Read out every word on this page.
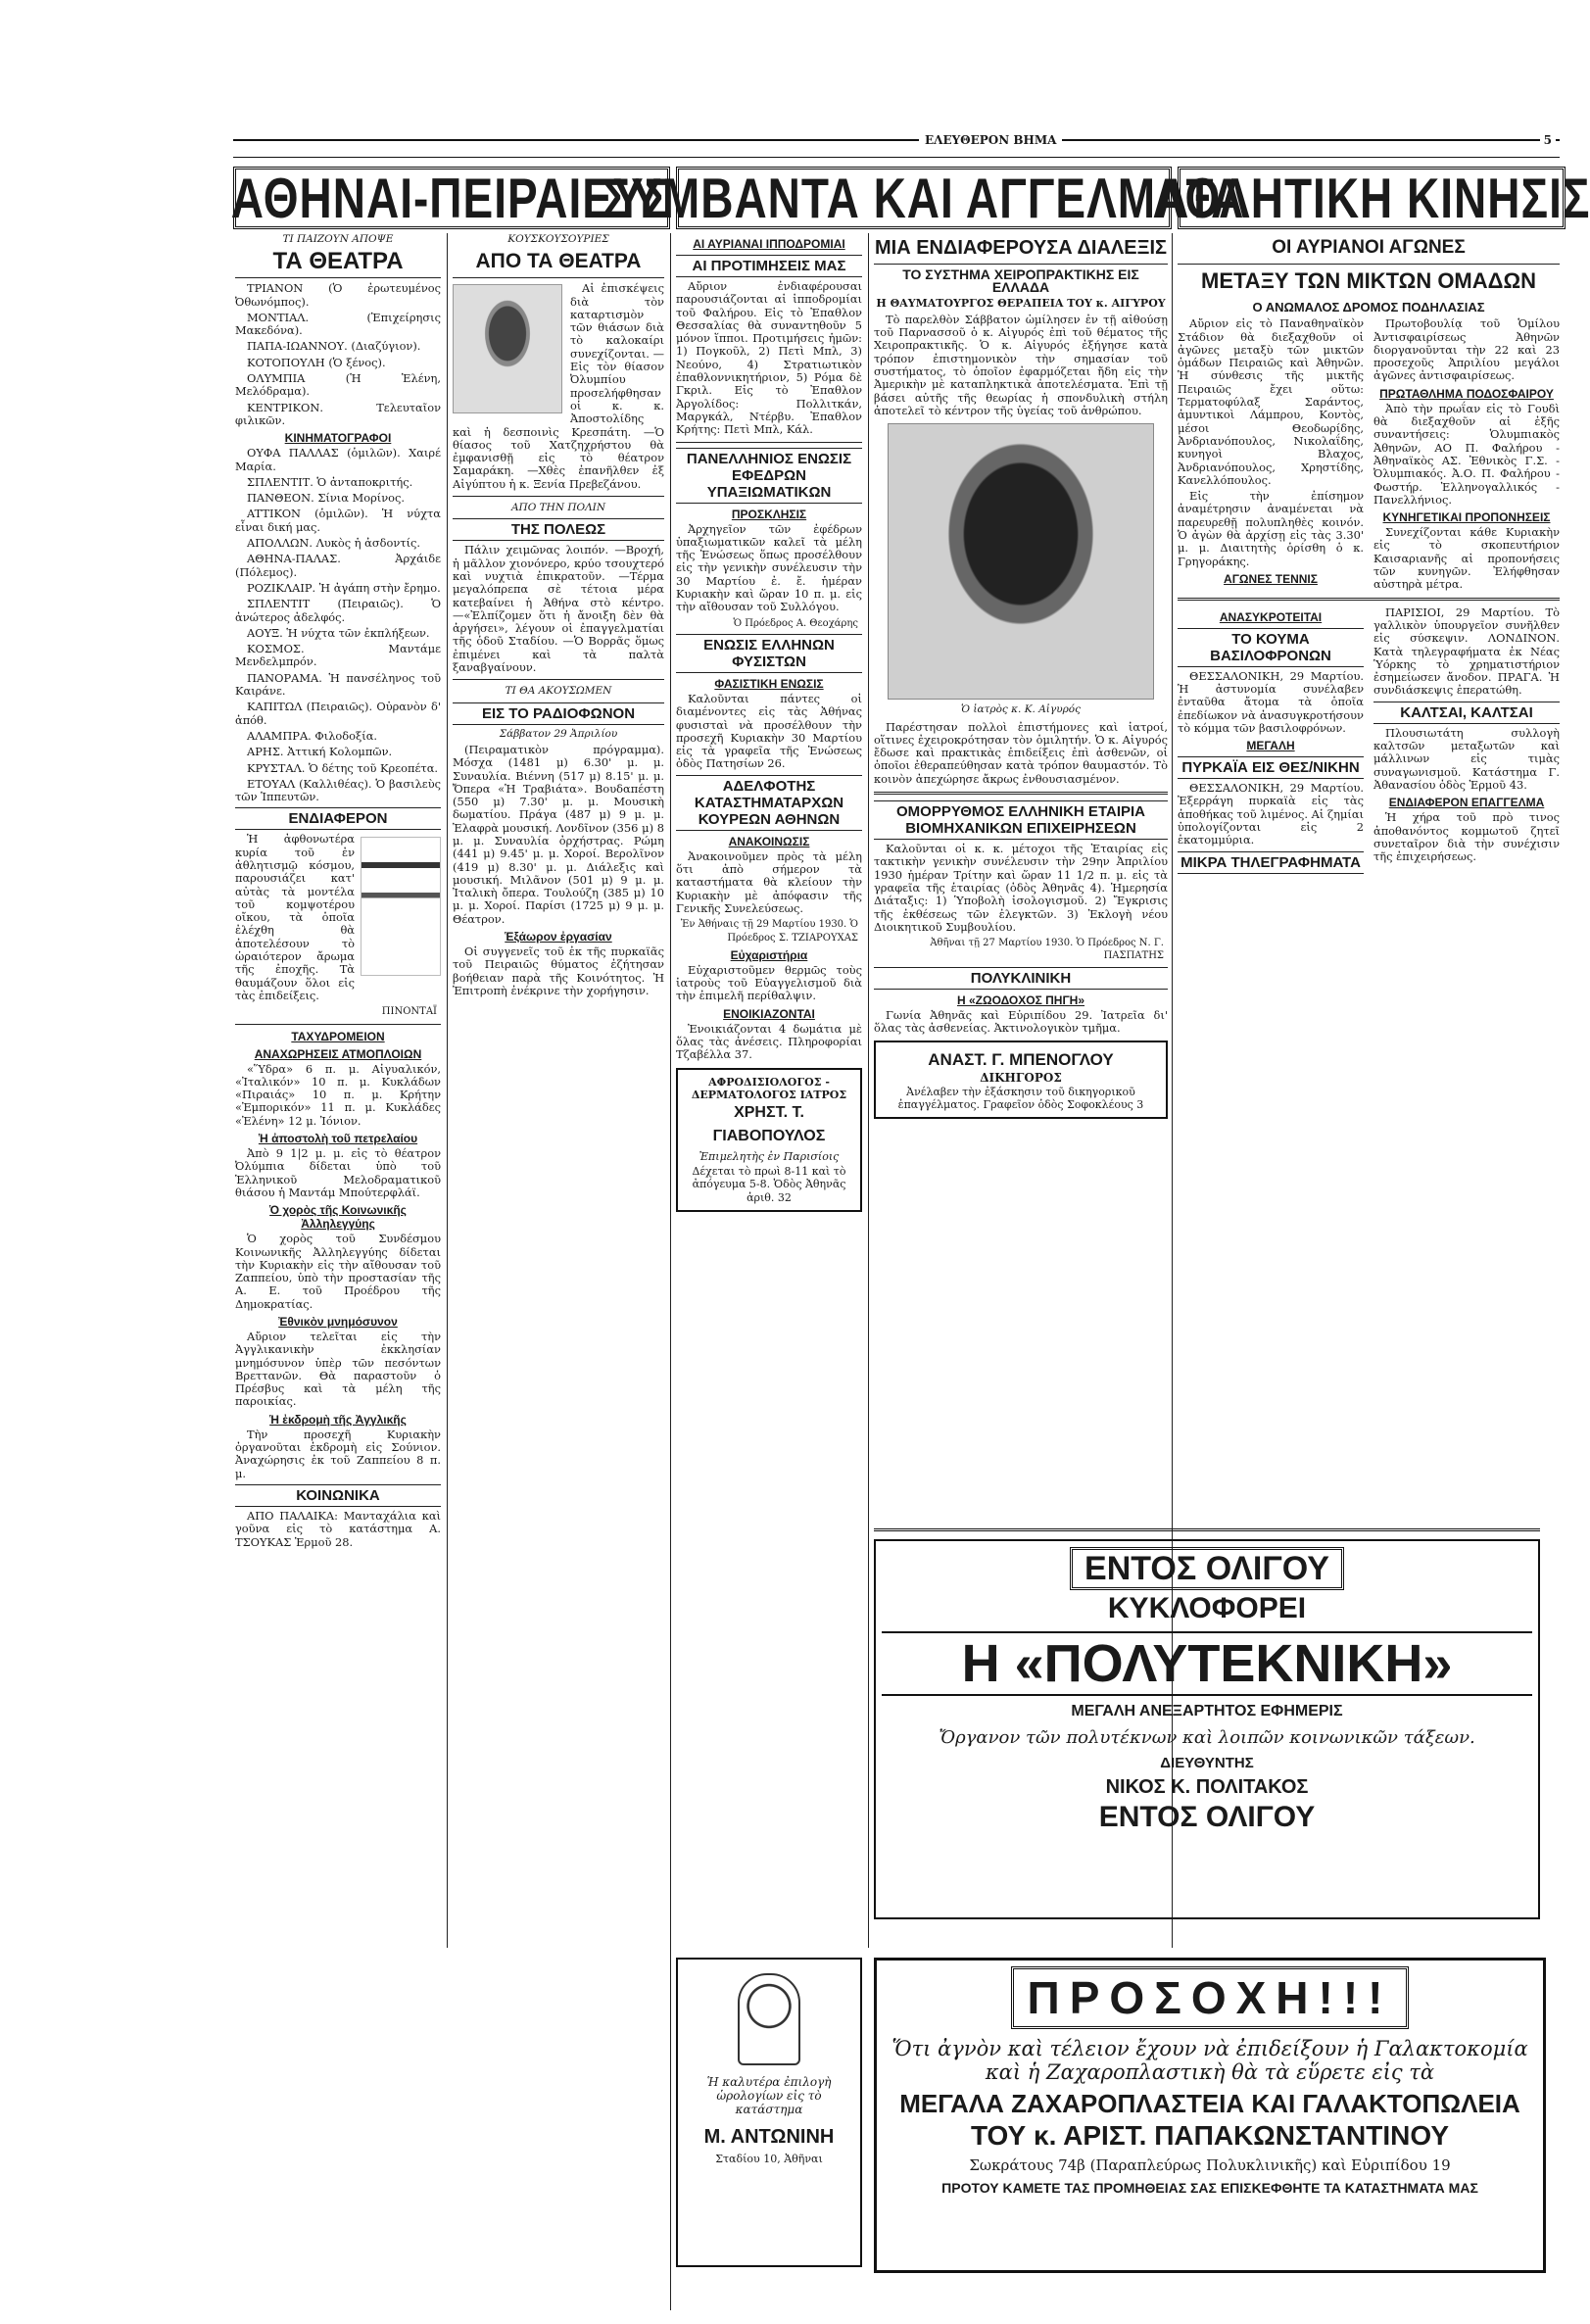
ΕΛΕΥΘΕΡΟΝ ΒΗΜΑ	5
ΑΘΗΝΑΙ-ΠΕΙΡΑΙΕΥΣ
ΣΥΜΒΑΝΤΑ ΚΑΙ ΑΓΓΕΛΜΑΤΑ
ΑΘΛΗΤΙΚΗ ΚΙΝΗΣΙΣ
ΤΙ ΠΑΙΖΟΥΝ ΑΠΟΨΕ
ΤΑ ΘΕΑΤΡΑ

ΤΡΙΑΝΟΝ (Ὁ ἐρωτευμένος Ὀθωνόμπος).

ΜΟΝΤΙΑΛ. (Ἐπιχείρησις Μακεδόνα).

ΠΑΠΑ-ΙΩΑΝΝΟΥ. (Διαζύγιον).

ΚΟΤΟΠΟΥΛΗ (Ὁ ξένος).

ΟΛΥΜΠΙΑ (Ἡ Ἑλένη, Μελόδραμα).

ΚΕΝΤΡΙΚΟΝ. Τελευταῖον φιλικῶν.

ΚΙΝΗΜΑΤΟΓΡΑΦΟΙ

ΟΥΦΑ ΠΑΛΛΑΣ (ὁμιλῶν). Χαιρέ Μαρία.

ΣΠΛΕΝΤΙΤ. Ὁ ἀνταποκριτής.

ΠΑΝΘΕΟΝ. Σίνια Μορίνος.

ATTIKON (ὁμιλῶν). Ἡ νύχτα εἶναι δική μας.

ΑΠΟΛΛΩΝ. Λυκὸς ἡ ἀσδοντίς.

ΑΘΗΝΑ-ΠΑΛΑΣ. Ἀρχάιδε (Πόλεμος).

ΡΟΖΙΚΛΑΙΡ. Ἡ ἀγάπη στὴν ἔρημο.

ΣΠΛΕΝΤΙΤ (Πειραιῶς). Ὁ ἀνώτερος ἀδελφός.

ΑΟΥΞ. Ἡ νύχτα τῶν ἐκπλήξεων.

ΚΟΣΜΟΣ. Μαντάμε Μενδελμπρόν.

ΠΑΝΟΡΑΜΑ. Ἡ πανσέληνος τοῦ Καιράνε.

ΚΑΠΙΤΩΛ (Πειραιῶς). Οὐρανὸν δ' ἀπόθ.

ΑΛΑΜΠΡΑ. Φιλοδοξία.

ΑΡΗΣ. Ἀττική Κολομπῶν.

ΚΡΥΣΤΑΛ. Ὁ δέτης τοῦ Κρεοπέτα.

ΕΤΟΥΑΛ (Καλλιθέας). Ὁ βασιλεὺς τῶν Ἱππευτῶν.

ΕΝΔΙΑΦΕΡΟΝ

Ἡ ἀφθονωτέρα κυρία τοῦ ἐν ἀθλητισμῷ κόσμου, παρουσιάζει κατ' αὐτὰς τὰ μοντέλα τοῦ κομψοτέρου οἴκου, τὰ ὁποῖα ἐλέχθη θὰ ἀποτελέσουν τὸ ὡραιότερον ἄρωμα τῆς ἐποχῆς. Τὰ θαυμάζουν ὅλοι εἰς τὰς ἐπιδείξεις.

ΠΙΝΟΝΤΑΪ
ΤΑΧΥΔΡΟΜΕΙΟΝ
ΑΝΑΧΩΡΗΣΕΙΣ ΑΤΜΟΠΛΟΙΩΝ

«Ὕδρα» 6 π. μ. Αἰγυαλικόν, «Ἰταλικόν» 10 π. μ. Κυκλάδων «Πιραιάς» 10 π. μ. Κρήτην «Ἐμπορικόν» 11 π. μ. Κυκλάδες «Ἐλένη» 12 μ. Ἰόνιον.

Ἡ ἀποστολὴ τοῦ πετρελαίου

Ἀπὸ 9 1|2 μ. μ. εἰς τὸ θέατρον Ὀλύμπια δίδεται ὑπὸ τοῦ Ἑλληνικοῦ Μελοδραματικοῦ θιάσου ἡ Μαντάμ Μπούτερφλάϊ.

Ὁ χορὸς τῆς Κοινωνικῆς Ἀλληλεγγύης

Ὁ χορὸς τοῦ Συνδέσμου Κοινωνικῆς Ἀλληλεγγύης δίδεται τὴν Κυριακὴν εἰς τὴν αἴθουσαν τοῦ Ζαππείου, ὑπὸ τὴν προστασίαν τῆς Α. Ε. τοῦ Προέδρου τῆς Δημοκρατίας.

Ἐθνικὸν μνημόσυνον

Αὔριον τελεῖται εἰς τὴν Ἀγγλικανικὴν ἐκκλησίαν μνημόσυνον ὑπὲρ τῶν πεσόντων Βρεττανῶν. Θὰ παραστοῦν ὁ Πρέσβυς καὶ τὰ μέλη τῆς παροικίας.

Ἡ ἐκδρομὴ τῆς Ἀγγλικῆς

Τὴν προσεχῆ Κυριακὴν ὀργανοῦται ἐκδρομὴ εἰς Σούνιον. Ἀναχώρησις ἐκ τοῦ Ζαππείου 8 π. μ.

ΚΟΙΝΩΝΙΚΑ

ΑΠΟ ΠΑΛΑΙΚΑ: Μανταχάλια καὶ γοῦνα εἰς τὸ κατάστημα Α. ΤΣΟΥΚΑΣ Ἑρμοῦ 28.

ΚΟΥΣΚΟΥΣΟΥΡΙΕΣ
ΑΠΟ ΤΑ ΘΕΑΤΡΑ

Αἱ ἐπισκέψεις διὰ τὸν καταρτισμὸν τῶν θιάσων διὰ τὸ καλοκαίρι συνεχίζονται. —Εἰς τὸν θίασον Ὀλυμπίου προσελήφθησαν οἱ κ. κ. Ἀποστολίδης καὶ ἡ δεσποινὶς Κρεσπάτη. —Ὁ θίασος τοῦ Χατζηχρήστου θὰ ἐμφανισθῇ εἰς τὸ θέατρον Σαμαράκη. —Χθὲς ἐπανῆλθεν ἐξ Αἰγύπτου ἡ κ. Ξενία Πρεβεζάνου.

ΑΠΟ ΤΗΝ ΠΟΛΙΝ
ΤΗΣ ΠΟΛΕΩΣ

Πάλιν χειμῶνας λοιπόν. —Βροχή, ἡ μᾶλλον χιονόνερο, κρύο τσουχτερό καὶ νυχτιὰ ἐπικρατοῦν. —Τέρμα μεγαλόπρεπα σὲ τέτοια μέρα κατεβαίνει ἡ Ἀθήνα στὸ κέντρο. —«Ἐλπίζομεν ὅτι ἡ ἄνοιξη δὲν θὰ ἀργήσει», λέγουν οἱ ἐπαγγελματίαι τῆς ὁδοῦ Σταδίου. —Ὁ Βορρᾶς ὅμως ἐπιμένει καὶ τὰ παλτὰ ξαναβγαίνουν.

ΤΙ ΘΑ ΑΚΟΥΣΩΜΕΝ
ΕΙΣ ΤΟ ΡΑΔΙΟΦΩΝΟΝ
Σάββατον 29 Ἀπριλίου

(Πειραματικὸν πρόγραμμα). Μόσχα (1481 μ) 6.30' μ. μ. Συναυλία. Βιέννη (517 μ) 8.15' μ. μ. Ὄπερα «Ἡ Τραβιάτα». Βουδαπέστη (550 μ) 7.30' μ. μ. Μουσικὴ δωματίου. Πράγα (487 μ) 9 μ. μ. Ἐλαφρὰ μουσική. Λονδῖνον (356 μ) 8 μ. μ. Συναυλία ὀρχήστρας. Ρώμη (441 μ) 9.45' μ. μ. Χοροί. Βερολῖνον (419 μ) 8.30' μ. μ. Διάλεξις καὶ μουσική. Μιλᾶνον (501 μ) 9 μ. μ. Ἰταλικὴ ὄπερα. Τουλούζη (385 μ) 10 μ. μ. Χοροί. Παρίσι (1725 μ) 9 μ. μ. Θέατρον.

Ἑξάωρον ἐργασίαν

Οἱ συγγενεῖς τοῦ ἐκ τῆς πυρκαϊᾶς τοῦ Πειραιῶς θύματος ἐζήτησαν βοήθειαν παρὰ τῆς Κοινότητος. Ἡ Ἐπιτροπὴ ἐνέκρινε τὴν χορήγησιν.

ΑΙ ΑΥΡΙΑΝΑΙ ΙΠΠΟΔΡΟΜΙΑΙ
ΑΙ ΠΡΟΤΙΜΗΣΕΙΣ ΜΑΣ

Αὔριον ἐνδιαφέρουσαι παρουσιάζονται αἱ ἱπποδρομίαι τοῦ Φαλήρου. Εἰς τὸ Ἐπαθλον Θεσσαλίας θὰ συναντηθοῦν 5 μόνον ἵπποι. Προτιμήσεις ἡμῶν: 1) Πογκοῦλ, 2) Πετὶ Μπλ, 3) Νεούνο, 4) Στρατιωτικὸν ἐπαθλοννικητήριον, 5) Ρόμα δὲ Γκριλ. Εἰς τὸ Ἐπαθλον Ἀργολίδος: Πολλιτκάν, Μαργκάλ, Ντέρβυ. Ἐπαθλον Κρήτης: Πετὶ Μπλ, Κάλ.

ΠΑΝΕΛΛΗΝΙΟΣ ΕΝΩΣΙΣ ΕΦΕΔΡΩΝ ΥΠΑΞΙΩΜΑΤΙΚΩΝ
ΠΡΟΣΚΛΗΣΙΣ

Ἀρχηγεῖον τῶν ἐφέδρων ὑπαξιωματικῶν καλεῖ τὰ μέλη τῆς Ἑνώσεως ὅπως προσέλθουν εἰς τὴν γενικὴν συνέλευσιν τὴν 30 Μαρτίου ἐ. ἔ. ἡμέραν Κυριακὴν καὶ ὥραν 10 π. μ. εἰς τὴν αἴθουσαν τοῦ Συλλόγου.

Ὁ Πρόεδρος Α. Θεοχάρης
ΕΝΩΣΙΣ ΕΛΛΗΝΩΝ ΦΥΣΙΣΤΩΝ
ΦΑΣΙΣΤΙΚΗ ΕΝΩΣΙΣ

Καλοῦνται πάντες οἱ διαμένοντες εἰς τὰς Ἀθήνας φυσισταὶ νὰ προσέλθουν τὴν προσεχῆ Κυριακὴν 30 Μαρτίου εἰς τὰ γραφεῖα τῆς Ἑνώσεως ὁδὸς Πατησίων 26.

ΑΔΕΛΦΟΤΗΣ ΚΑΤΑΣΤΗΜΑΤΑΡΧΩΝ ΚΟΥΡΕΩΝ ΑΘΗΝΩΝ
ΑΝΑΚΟΙΝΩΣΙΣ

Ἀνακοινοῦμεν πρὸς τὰ μέλη ὅτι ἀπὸ σήμερον τὰ καταστήματα θὰ κλείουν τὴν Κυριακὴν μὲ ἀπόφασιν τῆς Γενικῆς Συνελεύσεως.

Ἐν Ἀθήναις τῇ 29 Μαρτίου 1930. Ὁ Πρόεδρος Σ. ΤΖΙΑΡΟΥΧΑΣ
Εὐχαριστήρια

Εὐχαριστοῦμεν θερμῶς τοὺς ἰατροὺς τοῦ Εὐαγγελισμοῦ διὰ τὴν ἐπιμελῆ περίθαλψιν.

ΕΝΟΙΚΙΑΖΟΝΤΑΙ

Ἐνοικιάζονται 4 δωμάτια μὲ ὅλας τὰς ἀνέσεις. Πληροφορίαι Τζαβέλλα 37.

ΑΦΡΟΔΙΣΙΟΛΟΓΟΣ - ΔΕΡΜΑΤΟΛΟΓΟΣ ΙΑΤΡΟΣ
ΧΡΗΣΤ. Τ. ΓΙΑΒΟΠΟΥΛΟΣ
Ἐπιμελητὴς ἐν Παρισίοις
Δέχεται τὸ πρωὶ 8-11 καὶ τὸ ἀπόγευμα 5-8. Ὁδὸς Ἀθηνᾶς ἀριθ. 32
ΜΙΑ ΕΝΔΙΑΦΕΡΟΥΣΑ ΔΙΑΛΕΞΙΣ
ΤΟ ΣΥΣΤΗΜΑ ΧΕΙΡΟΠΡΑΚΤΙΚΗΣ ΕΙΣ ΕΛΛΑΔΑ
Η ΘΑΥΜΑΤΟΥΡΓΟΣ ΘΕΡΑΠΕΙΑ ΤΟΥ κ. ΑΙΓΥΡΟΥ

Τὸ παρελθὸν Σάββατον ὡμίλησεν ἐν τῇ αἰθούσῃ τοῦ Παρνασσοῦ ὁ κ. Αἰγυρός ἐπὶ τοῦ θέματος τῆς Χειροπρακτικῆς. Ὁ κ. Αἰγυρός ἐξήγησε κατὰ τρόπον ἐπιστημονικὸν τὴν σημασίαν τοῦ συστήματος, τὸ ὁποῖον ἐφαρμόζεται ἤδη εἰς τὴν Ἀμερικὴν μὲ καταπληκτικὰ ἀποτελέσματα. Ἐπὶ τῇ βάσει αὐτῆς τῆς θεωρίας ἡ σπονδυλικὴ στήλη ἀποτελεῖ τὸ κέντρον τῆς ὑγείας τοῦ ἀνθρώπου.

Ὁ ἰατρὸς κ. Κ. Αἰγυρός

Παρέστησαν πολλοὶ ἐπιστήμονες καὶ ἰατροί, οἵτινες ἐχειροκρότησαν τὸν ὁμιλητήν. Ὁ κ. Αἰγυρός ἔδωσε καὶ πρακτικὰς ἐπιδείξεις ἐπὶ ἀσθενῶν, οἱ ὁποῖοι ἐθεραπεύθησαν κατὰ τρόπον θαυμαστόν. Τὸ κοινὸν ἀπεχώρησε ἄκρως ἐνθουσιασμένον.

ΟΜΟΡΡΥΘΜΟΣ ΕΛΛΗΝΙΚΗ ΕΤΑΙΡΙΑ ΒΙΟΜΗΧΑΝΙΚΩΝ ΕΠΙΧΕΙΡΗΣΕΩΝ

Καλοῦνται οἱ κ. κ. μέτοχοι τῆς Ἑταιρίας εἰς τακτικὴν γενικὴν συνέλευσιν τὴν 29ην Ἀπριλίου 1930 ἡμέραν Τρίτην καὶ ὥραν 11 1/2 π. μ. εἰς τὰ γραφεῖα τῆς ἑταιρίας (ὁδὸς Ἀθηνᾶς 4). Ἡμερησία Διάταξις: 1) Ὑποβολὴ ἰσολογισμοῦ. 2) Ἔγκρισις τῆς ἐκθέσεως τῶν ἐλεγκτῶν. 3) Ἐκλογὴ νέου Διοικητικοῦ Συμβουλίου.

Ἀθῆναι τῇ 27 Μαρτίου 1930. Ὁ Πρόεδρος Ν. Γ. ΠΑΣΠΑΤΗΣ
ΠΟΛΥΚΛΙΝΙΚΗ
Η «ΖΩΟΔΟΧΟΣ ΠΗΓΗ»

Γωνία Ἀθηνᾶς καὶ Εὐριπίδου 29. Ἰατρεῖα δι' ὅλας τὰς ἀσθενείας. Ἀκτινολογικὸν τμῆμα.

ΑΝΑΣΤ. Γ. ΜΠΕΝΟΓΛΟΥ
ΔΙΚΗΓΟΡΟΣ
Ἀνέλαβεν τὴν ἐξάσκησιν τοῦ δικηγορικοῦ ἐπαγγέλματος. Γραφεῖον ὁδὸς Σοφοκλέους 3
ΟΙ ΑΥΡΙΑΝΟΙ ΑΓΩΝΕΣ
ΜΕΤΑΞΥ ΤΩΝ ΜΙΚΤΩΝ ΟΜΑΔΩΝ
Ο ΑΝΩΜΑΛΟΣ ΔΡΟΜΟΣ ΠΟΔΗΛΑΣΙΑΣ

Αὔριον εἰς τὸ Παναθηναϊκὸν Στάδιον θὰ διεξαχθοῦν οἱ ἀγῶνες μεταξὺ τῶν μικτῶν ὁμάδων Πειραιῶς καὶ Ἀθηνῶν. Ἡ σύνθεσις τῆς μικτῆς Πειραιῶς ἔχει οὕτω: Τερματοφύλαξ Σαράντος, ἀμυντικοὶ Λάμπρου, Κοντὸς, μέσοι Θεοδωρίδης, Ἀνδριανόπουλος, Νικολαΐδης, κυνηγοὶ Βλαχος, Ἀνδριανόπουλος, Χρηστίδης, Κανελλόπουλος.

Εἰς τὴν ἐπίσημον ἀναμέτρησιν ἀναμένεται νὰ παρευρεθῇ πολυπληθὲς κοινόν. Ὁ ἀγὼν θὰ ἀρχίσῃ εἰς τὰς 3.30' μ. μ. Διαιτητὴς ὁρίσθη ὁ κ. Γρηγοράκης.

ΑΓΩΝΕΣ ΤΕΝΝΙΣ

Πρωτοβουλίᾳ τοῦ Ὁμίλου Ἀντισφαιρίσεως Ἀθηνῶν διοργανοῦνται τὴν 22 καὶ 23 προσεχοῦς Ἀπριλίου μεγάλοι ἀγῶνες ἀντισφαιρίσεως.

ΠΡΩΤΑΘΛΗΜΑ ΠΟΔΟΣΦΑΙΡΟΥ

Ἀπὸ τὴν πρωΐαν εἰς τὸ Γουδὶ θὰ διεξαχθοῦν αἱ ἐξῆς συναντήσεις: Ὁλυμπιακὸς Ἀθηνῶν, ΑΟ Π. Φαλήρου - Ἀθηναϊκὸς ΑΣ. Ἐθνικὸς Γ.Σ. - Ὀλυμπιακός. Ἀ.Ο. Π. Φαλήρου - Φωστήρ. Ἑλληνογαλλικός - Πανελλήνιος.

ΚΥΝΗΓΕΤΙΚΑΙ ΠΡΟΠΟΝΗΣΕΙΣ

Συνεχίζονται κάθε Κυριακὴν εἰς τὸ σκοπευτήριον Καισαριανῆς αἱ προπονήσεις τῶν κυνηγῶν. Ἐλήφθησαν αὐστηρὰ μέτρα.

ΑΝΑΣΥΚΡΟΤΕΙΤΑΙ
ΤΟ ΚΟΥΜΑ ΒΑΣΙΛΟΦΡΟΝΩΝ

ΘΕΣΣΑΛΟΝΙΚΗ, 29 Μαρτίου. Ἡ ἀστυνομία συνέλαβεν ἐνταῦθα ἄτομα τὰ ὁποῖα ἐπεδίωκον νὰ ἀνασυγκροτήσουν τὸ κόμμα τῶν βασιλοφρόνων.

ΜΕΓΑΛΗ
ΠΥΡΚΑΪΑ ΕΙΣ ΘΕΣ/ΝΙΚΗΝ

ΘΕΣΣΑΛΟΝΙΚΗ, 29 Μαρτίου. Ἐξερράγη πυρκαϊὰ εἰς τὰς ἀποθήκας τοῦ λιμένος. Αἱ ζημίαι ὑπολογίζονται εἰς 2 ἑκατομμύρια.

ΜΙΚΡΑ ΤΗΛΕΓΡΑΦΗΜΑΤΑ

ΠΑΡΙΣΙΟΙ, 29 Μαρτίου. Τὸ γαλλικὸν ὑπουργεῖον συνῆλθεν εἰς σύσκεψιν. ΛΟΝΔΙΝΟΝ. Κατὰ τηλεγραφήματα ἐκ Νέας Ὑόρκης τὸ χρηματιστήριον ἐσημείωσεν ἄνοδον. ΠΡΑΓΑ. Ἡ συνδιάσκεψις ἐπερατώθη.

ΚΑΛΤΣΑΙ, ΚΑΛΤΣΑΙ

Πλουσιωτάτη συλλογὴ καλτσῶν μεταξωτῶν καὶ μάλλινων εἰς τιμὰς συναγωνισμοῦ. Κατάστημα Γ. Ἀθανασίου ὁδὸς Ἑρμοῦ 43.

ΕΝΔΙΑΦΕΡΟΝ ΕΠΑΓΓΕΛΜΑ

Ἡ χήρα τοῦ πρὸ τινος ἀποθανόντος κομμωτοῦ ζητεῖ συνεταῖρον διὰ τὴν συνέχισιν τῆς ἐπιχειρήσεως.

ΕΝΤΟΣ ΟΛΙΓΟΥ
ΚΥΚΛΟΦΟΡΕΙ
Η «ΠΟΛΥΤΕΚΝΙΚΗ»
ΜΕΓΑΛΗ ΑΝΕΞΑΡΤΗΤΟΣ ΕΦΗΜΕΡΙΣ
Ὄργανον τῶν πολυτέκνων καὶ λοιπῶν κοινωνικῶν τάξεων.
ΔΙΕΥΘΥΝΤΗΣ
ΝΙΚΟΣ Κ. ΠΟΛΙΤΑΚΟΣ
ΕΝΤΟΣ ΟΛΙΓΟΥ
ΠΡΟΣΟΧΗ!!!
Ὅτι ἀγνὸν καὶ τέλειον ἔχουν νὰ ἐπιδείξουν ἡ Γαλακτοκομία καὶ ἡ Ζαχαροπλαστικὴ θὰ τὰ εὕρετε εἰς τὰ
ΜΕΓΑΛΑ ΖΑΧΑΡΟΠΛΑΣΤΕΙΑ ΚΑΙ ΓΑΛΑΚΤΟΠΩΛΕΙΑ
ΤΟΥ κ. ΑΡΙΣΤ. ΠΑΠΑΚΩΝΣΤΑΝΤΙΝΟΥ
Σωκράτους 74β (Παραπλεύρως Πολυκλινικῆς) καὶ Εὐριπίδου 19
ΠΡΟΤΟΥ ΚΑΜΕΤΕ ΤΑΣ ΠΡΟΜΗΘΕΙΑΣ ΣΑΣ ΕΠΙΣΚΕΦΘΗΤΕ ΤΑ ΚΑΤΑΣΤΗΜΑΤΑ ΜΑΣ
Ἡ καλυτέρα ἐπιλογὴ ὡρολογίων εἰς τὸ κατάστημα
Μ. ΑΝΤΩΝΙΝΗ
Σταδίου 10, Ἀθῆναι
